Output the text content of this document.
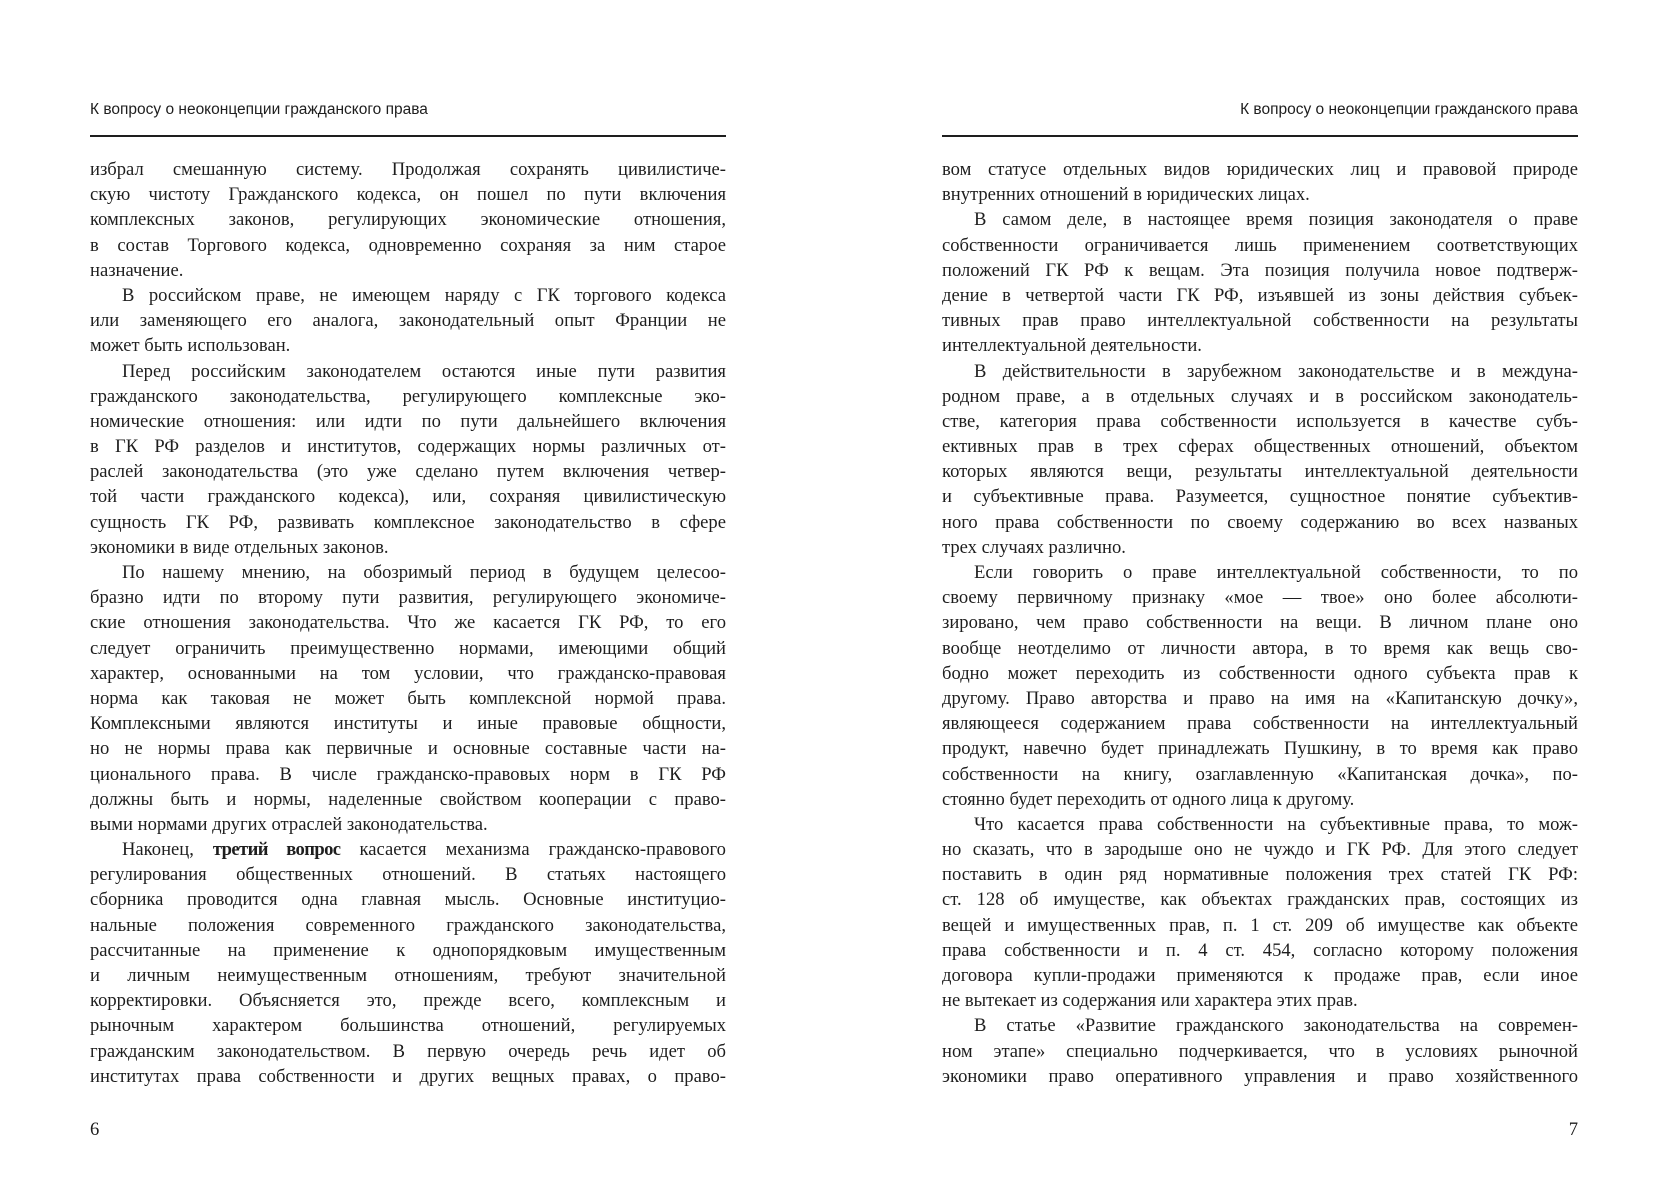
К вопросу о неоконцепции гражданского права
избрал смешанную систему. Продолжая сохранять цивилистиче-
скую чистоту Гражданского кодекса, он пошел по пути включения
комплексных законов, регулирующих экономические отношения,
в состав Торгового кодекса, одновременно сохраняя за ним старое
назначение.
В российском праве, не имеющем наряду с ГК торгового кодекса
или заменяющего его аналога, законодательный опыт Франции не
может быть использован.
Перед российским законодателем остаются иные пути развития
гражданского законодательства, регулирующего комплексные эко-
номические отношения: или идти по пути дальнейшего включения
в ГК РФ разделов и институтов, содержащих нормы различных от-
раслей законодательства (это уже сделано путем включения четвер-
той части гражданского кодекса), или, сохраняя цивилистическую
сущность ГК РФ, развивать комплексное законодательство в сфере
экономики в виде отдельных законов.
По нашему мнению, на обозримый период в будущем целесоо-
бразно идти по второму пути развития, регулирующего экономиче-
ские отношения законодательства. Что же касается ГК РФ, то его
следует ограничить преимущественно нормами, имеющими общий
характер, основанными на том условии, что гражданско-правовая
норма как таковая не может быть комплексной нормой права.
Комплексными являются институты и иные правовые общности,
но не нормы права как первичные и основные составные части на-
ционального права. В числе гражданско-правовых норм в ГК РФ
должны быть и нормы, наделенные свойством кооперации с право-
выми нормами других отраслей законодательства.
Наконец, третий вопрос касается механизма гражданско-правового
регулирования общественных отношений. В статьях настоящего
сборника проводится одна главная мысль. Основные институцио-
нальные положения современного гражданского законодательства,
рассчитанные на применение к однопорядковым имущественным
и личным неимущественным отношениям, требуют значительной
корректировки. Объясняется это, прежде всего, комплексным и
рыночным характером большинства отношений, регулируемых
гражданским законодательством. В первую очередь речь идет об
институтах права собственности и других вещных правах, о право-
6
К вопросу о неоконцепции гражданского права
вом статусе отдельных видов юридических лиц и правовой природе
внутренних отношений в юридических лицах.
В самом деле, в настоящее время позиция законодателя о праве
собственности ограничивается лишь применением соответствующих
положений ГК РФ к вещам. Эта позиция получила новое подтверж-
дение в четвертой части ГК РФ, изъявшей из зоны действия субъек-
тивных прав право интеллектуальной собственности на результаты
интеллектуальной деятельности.
В действительности в зарубежном законодательстве и в междуна-
родном праве, а в отдельных случаях и в российском законодатель-
стве, категория права собственности используется в качестве субъ-
ективных прав в трех сферах общественных отношений, объектом
которых являются вещи, результаты интеллектуальной деятельности
и субъективные права. Разумеется, сущностное понятие субъектив-
ного права собственности по своему содержанию во всех названых
трех случаях различно.
Если говорить о праве интеллектуальной собственности, то по
своему первичному признаку «мое — твое» оно более абсолюти-
зировано, чем право собственности на вещи. В личном плане оно
вообще неотделимо от личности автора, в то время как вещь сво-
бодно может переходить из собственности одного субъекта прав к
другому. Право авторства и право на имя на «Капитанскую дочку»,
являющееся содержанием права собственности на интеллектуальный
продукт, навечно будет принадлежать Пушкину, в то время как право
собственности на книгу, озаглавленную «Капитанская дочка», по-
стоянно будет переходить от одного лица к другому.
Что касается права собственности на субъективные права, то мож-
но сказать, что в зародыше оно не чуждо и ГК РФ. Для этого следует
поставить в один ряд нормативные положения трех статей ГК РФ:
ст. 128 об имуществе, как объектах гражданских прав, состоящих из
вещей и имущественных прав, п. 1 ст. 209 об имуществе как объекте
права собственности и п. 4 ст. 454, согласно которому положения
договора купли-продажи применяются к продаже прав, если иное
не вытекает из содержания или характера этих прав.
В статье «Развитие гражданского законодательства на современ-
ном этапе» специально подчеркивается, что в условиях рыночной
экономики право оперативного управления и право хозяйственного
7
